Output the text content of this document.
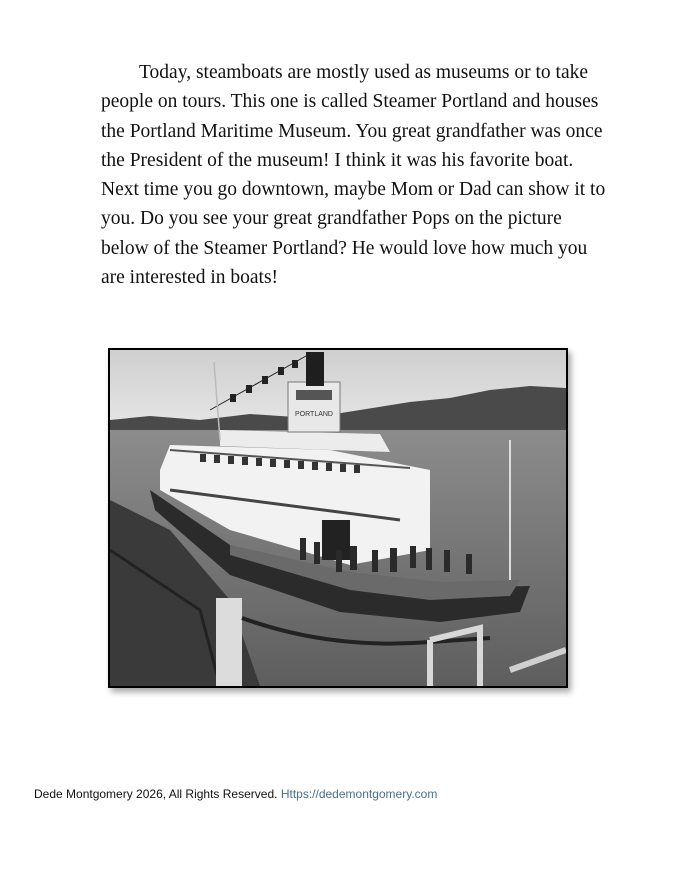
Today, steamboats are mostly used as museums or to take people on tours. This one is called Steamer Portland and houses the Portland Maritime Museum. You great grandfather was once the President of the museum! I think it was his favorite boat. Next time you go downtown, maybe Mom or Dad can show it to you. Do you see your great grandfather Pops on the picture below of the Steamer Portland? He would love how much you are interested in boats!

PORTLAND

Dede Montgomery 2026, All Rights Reserved. Https://dedemontgomery.com
